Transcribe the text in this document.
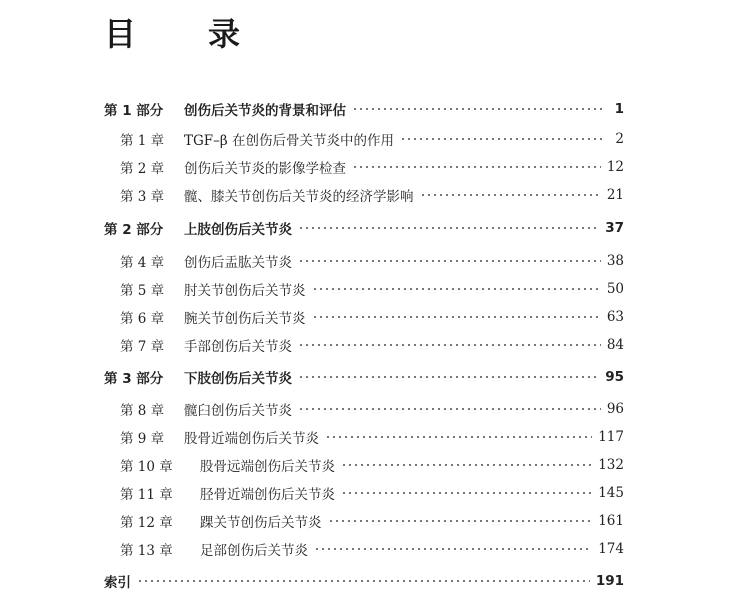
目　录
第 1 部分	创伤后关节炎的背景和评估	1
第 1 章	TGF–β 在创伤后骨关节炎中的作用	2
第 2 章	创伤后关节炎的影像学检查	12
第 3 章	髋、膝关节创伤后关节炎的经济学影响	21
第 2 部分	上肢创伤后关节炎	37
第 4 章	创伤后盂肱关节炎	38
第 5 章	肘关节创伤后关节炎	50
第 6 章	腕关节创伤后关节炎	63
第 7 章	手部创伤后关节炎	84
第 3 部分	下肢创伤后关节炎	95
第 8 章	髋臼创伤后关节炎	96
第 9 章	股骨近端创伤后关节炎	117
第 10 章	股骨远端创伤后关节炎	132
第 11 章	胫骨近端创伤后关节炎	145
第 12 章	踝关节创伤后关节炎	161
第 13 章	足部创伤后关节炎	174
索引	191
